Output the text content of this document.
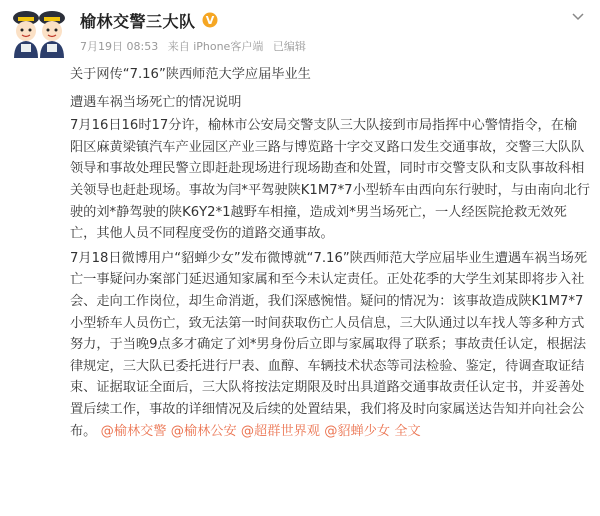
榆林交警三大队 V
7月19日 08:53 来自 iPhone客户端 已编辑

关于网传“7.16”陕西师范大学应届毕业生

遭遇车祸当场死亡的情况说明

7月16日16时17分许，榆林市公安局交警支队三大队接到市局指挥中心警情指令，在榆阳区麻黄梁镇汽车产业园区产业三路与博览路十字交叉路口发生交通事故，交警三大队队领导和事故处理民警立即赶赴现场进行现场勘查和处置，同时市交警支队和支队事故科相关领导也赶赴现场。事故为闫*平驾驶陕K1M7*7小型轿车由西向东行驶时，与由南向北行驶的刘*静驾驶的陕K6Y2*1越野车相撞，造成刘*男当场死亡，一人经医院抢救无效死亡，其他人员不同程度受伤的道路交通事故。

7月18日微博用户“貂蝉少女”发布微博就“7.16”陕西师范大学应届毕业生遭遇车祸当场死亡一事疑问办案部门延迟通知家属和至今未认定责任。正处花季的大学生刘某即将步入社会、走向工作岗位，却生命消逝，我们深感惋惜。疑问的情况为：该事故造成陕K1M7*7小型轿车人员伤亡，致无法第一时间获取伤亡人员信息，三大队通过以车找人等多种方式努力，于当晚9点多才确定了刘*男身份后立即与家属取得了联系；事故责任认定，根据法律规定，三大队已委托进行尸表、血醇、车辆技术状态等司法检验、鉴定，待调查取证结束、证据取证全面后，三大队将按法定期限及时出具道路交通事故责任认定书，并妥善处置后续工作，事故的详细情况及后续的处置结果，我们将及时向家属送达告知并向社会公布。 @榆林交警 @榆林公安 @超群世界观 @貂蝉少女 全文
